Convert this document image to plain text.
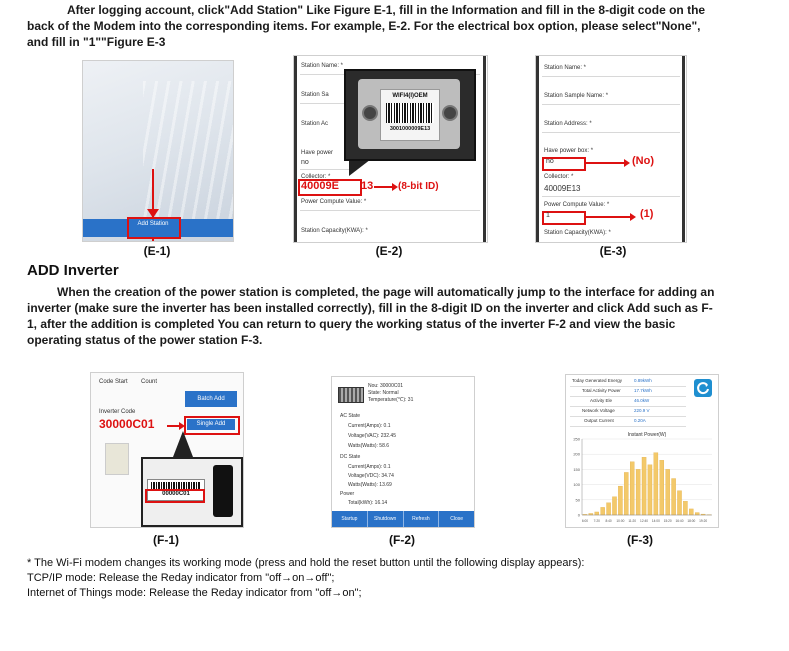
After logging account, click"Add Station" Like Figure E-1, fill in the Information and fill in the 8-digit code on the
back of the Modem into the corresponding items. For example, E-2. For the electrical box option, please select"None",
and fill in "1""Figure E-3
Add Station
(E-1)
Station Name: *
Station Sa
Station Ac
Have power
no
Collector: *
40009E 13 (8-bit ID)
Power Compute Value: *
Station Capacity(KWA): *
WIFI4(I)OEM
3001000009E13
(E-2)
Station Name: *
Station Sample Name: *
Station Address: *
Have power box: *
no	(No)
Collector: *
40009E13
Power Compute Value: *
1	(1)
Station Capacity(KWA): *
(E-3)
ADD Inverter
When the creation of the power station is completed, the page will automatically jump to the interface for adding an
inverter (make sure the inverter has been installed correctly), fill in the 8-digit ID on the inverter and click Add such as F-
1, after the addition is completed You can return to query the working status of the inverter F-2 and view the basic
operating status of the power station F-3.
Code Start Count
Batch Add
Inverter Code
30000C01	Single Add
00000C01
(F-1)
Nou: 30000C01
State: Normal
Temperature(℃): 31
AC State
Current(Amps): 0.1
Voltage(VAC): 232.45
Watts(Watts): 58.6
DC State
Current(Amps): 0.1
Voltage(VDC): 34.74
Watts(Watts): 13.69
Power
Total(kWh): 16.14
Startup	Shutdown	Refresh	Close
(F-2)
Today Generated Energy	0.89kWh
Total Activity Power	17.7kWh
Activity Ele	46.0kW
Network Voltage	220.9 V
Output Current	0.20A
Instant Power(W)
0
50
100
150
200
250
6:00 7:20 8:40 10:00 11:20 12:40 14:00 15:20 16:40 18:00 19:20
(F-3)
* The Wi-Fi modem changes its working mode (press and hold the reset button until the following display appears):
TCP/IP mode: Release the Reday indicator from "off→on→off";
Internet of Things mode: Release the Reday indicator from "off→on";
